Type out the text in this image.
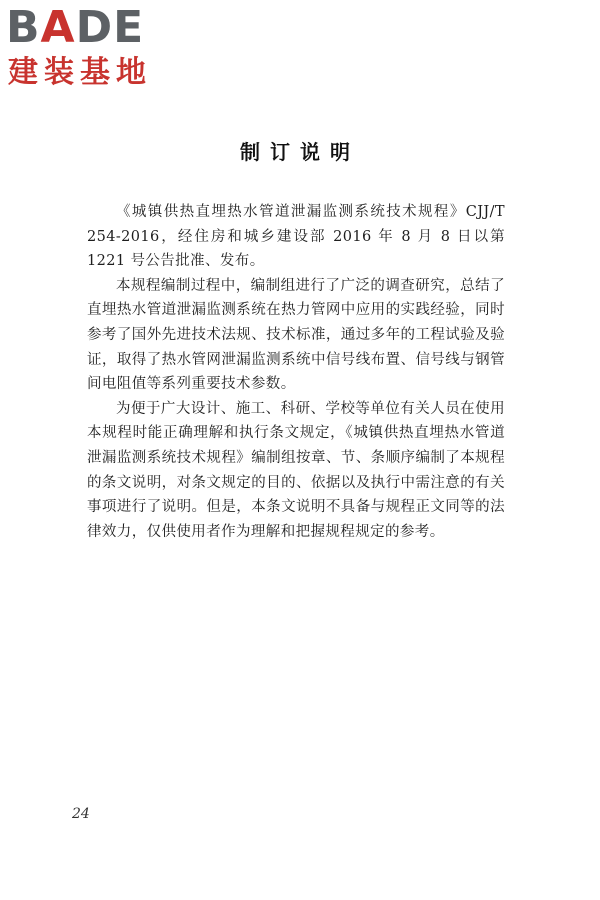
BADE
建装基地
制订说明

《城镇供热直埋热水管道泄漏监测系统技术规程》CJJ/T 254-2016，经住房和城乡建设部 2016 年 8 月 8 日以第 1221 号公告批准、发布。

本规程编制过程中，编制组进行了广泛的调查研究，总结了直埋热水管道泄漏监测系统在热力管网中应用的实践经验，同时参考了国外先进技术法规、技术标准，通过多年的工程试验及验证，取得了热水管网泄漏监测系统中信号线布置、信号线与钢管间电阻值等系列重要技术参数。

为便于广大设计、施工、科研、学校等单位有关人员在使用本规程时能正确理解和执行条文规定，《城镇供热直埋热水管道泄漏监测系统技术规程》编制组按章、节、条顺序编制了本规程的条文说明，对条文规定的目的、依据以及执行中需注意的有关事项进行了说明。但是，本条文说明不具备与规程正文同等的法律效力，仅供使用者作为理解和把握规程规定的参考。

24
